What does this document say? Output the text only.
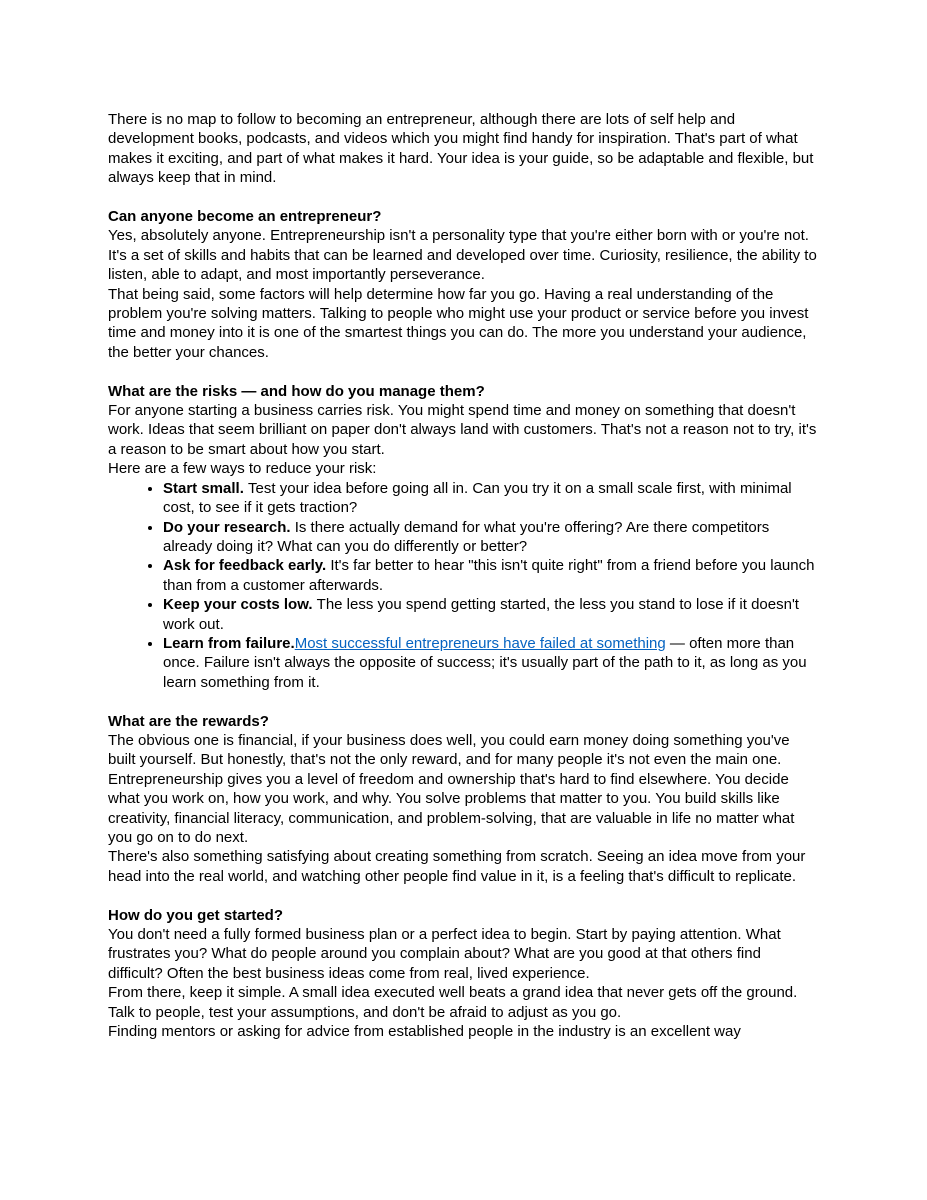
There is no map to follow to becoming an entrepreneur, although there are lots of self help and development books, podcasts, and videos which you might find handy for inspiration. That's part of what makes it exciting, and part of what makes it hard. Your idea is your guide, so be adaptable and flexible, but always keep that in mind.

Can anyone become an entrepreneur?

Yes, absolutely anyone. Entrepreneurship isn't a personality type that you're either born with or you're not. It's a set of skills and habits that can be learned and developed over time. Curiosity, resilience, the ability to listen, able to adapt, and most importantly perseverance.

That being said, some factors will help determine how far you go. Having a real understanding of the problem you're solving matters. Talking to people who might use your product or service before you invest time and money into it is one of the smartest things you can do. The more you understand your audience, the better your chances.

What are the risks — and how do you manage them?

For anyone starting a business carries risk. You might spend time and money on something that doesn't work. Ideas that seem brilliant on paper don't always land with customers. That's not a reason not to try, it's a reason to be smart about how you start.

Here are a few ways to reduce your risk:

• Start small. Test your idea before going all in. Can you try it on a small scale first, with minimal cost, to see if it gets traction?
• Do your research. Is there actually demand for what you're offering? Are there competitors already doing it? What can you do differently or better?
• Ask for feedback early. It's far better to hear "this isn't quite right" from a friend before you launch than from a customer afterwards.
• Keep your costs low. The less you spend getting started, the less you stand to lose if it doesn't work out.
• Learn from failure.Most successful entrepreneurs have failed at something — often more than once. Failure isn't always the opposite of success; it's usually part of the path to it, as long as you learn something from it.

What are the rewards?

The obvious one is financial, if your business does well, you could earn money doing something you've built yourself. But honestly, that's not the only reward, and for many people it's not even the main one.

Entrepreneurship gives you a level of freedom and ownership that's hard to find elsewhere. You decide what you work on, how you work, and why. You solve problems that matter to you. You build skills like creativity, financial literacy, communication, and problem-solving, that are valuable in life no matter what you go on to do next.

There's also something satisfying about creating something from scratch. Seeing an idea move from your head into the real world, and watching other people find value in it, is a feeling that's difficult to replicate.

How do you get started?

You don't need a fully formed business plan or a perfect idea to begin. Start by paying attention. What frustrates you? What do people around you complain about? What are you good at that others find difficult? Often the best business ideas come from real, lived experience.

From there, keep it simple. A small idea executed well beats a grand idea that never gets off the ground. Talk to people, test your assumptions, and don't be afraid to adjust as you go.

Finding mentors or asking for advice from established people in the industry is an excellent way
